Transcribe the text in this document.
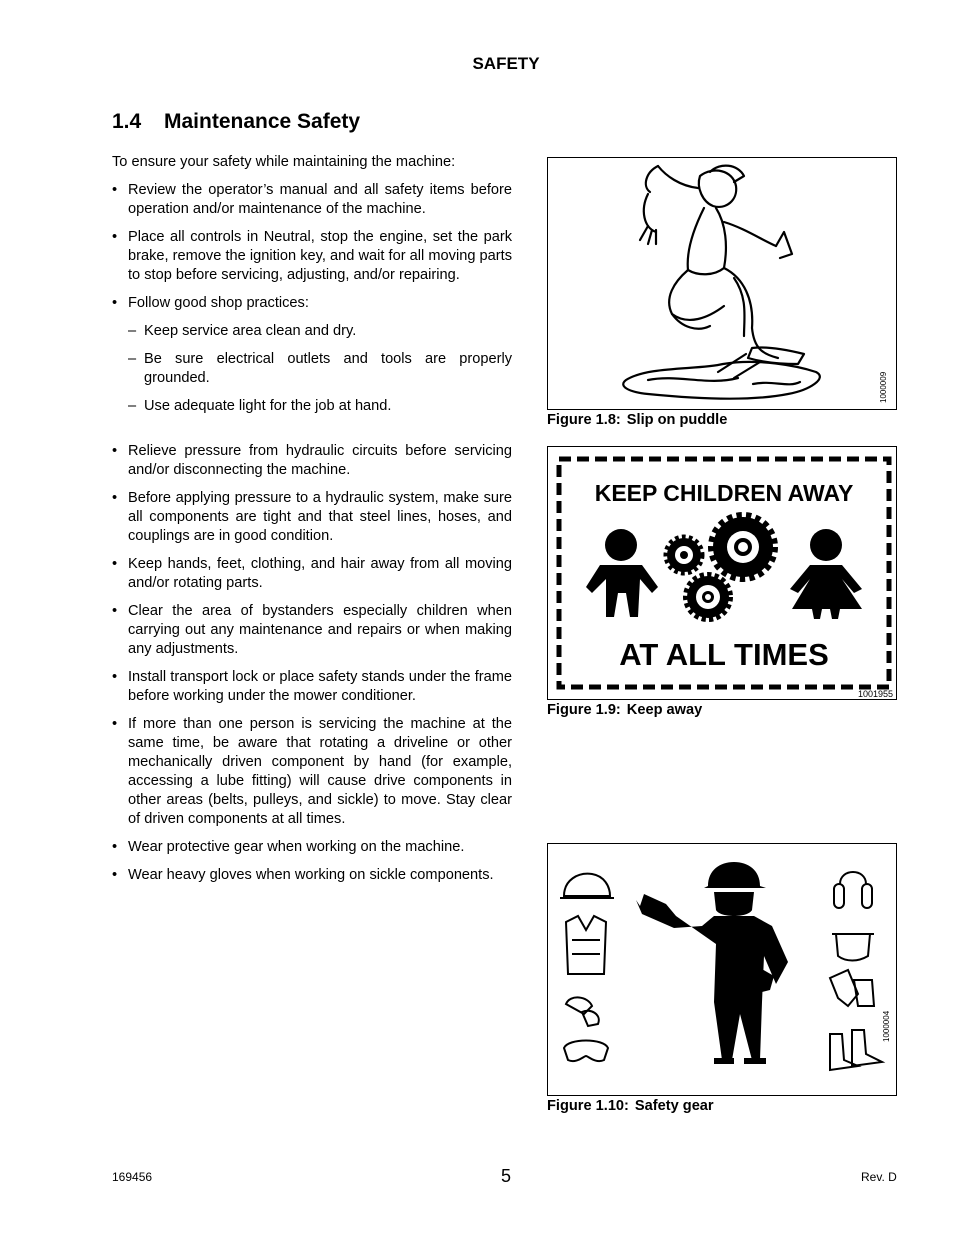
SAFETY
1.4 Maintenance Safety
To ensure your safety while maintaining the machine:
• Review the operator’s manual and all safety items before operation and/or maintenance of the machine.
• Place all controls in Neutral, stop the engine, set the park brake, remove the ignition key, and wait for all moving parts to stop before servicing, adjusting, and/or repairing.
• Follow good shop practices:
– Keep service area clean and dry.
– Be sure electrical outlets and tools are properly grounded.
– Use adequate light for the job at hand.
• Relieve pressure from hydraulic circuits before servicing and/or disconnecting the machine.
• Before applying pressure to a hydraulic system, make sure all components are tight and that steel lines, hoses, and couplings are in good condition.
• Keep hands, feet, clothing, and hair away from all moving and/or rotating parts.
• Clear the area of bystanders especially children when carrying out any maintenance and repairs or when making any adjustments.
• Install transport lock or place safety stands under the frame before working under the mower conditioner.
• If more than one person is servicing the machine at the same time, be aware that rotating a driveline or other mechanically driven component by hand (for example, accessing a lube fitting) will cause drive components in other areas (belts, pulleys, and sickle) to move. Stay clear of driven components at all times.
• Wear protective gear when working on the machine.
• Wear heavy gloves when working on sickle components.
1000009
Figure 1.8: Slip on puddle
KEEP CHILDREN AWAY
AT ALL TIMES
1001955
Figure 1.9: Keep away
1000004
Figure 1.10: Safety gear
169456	5	Rev. D
